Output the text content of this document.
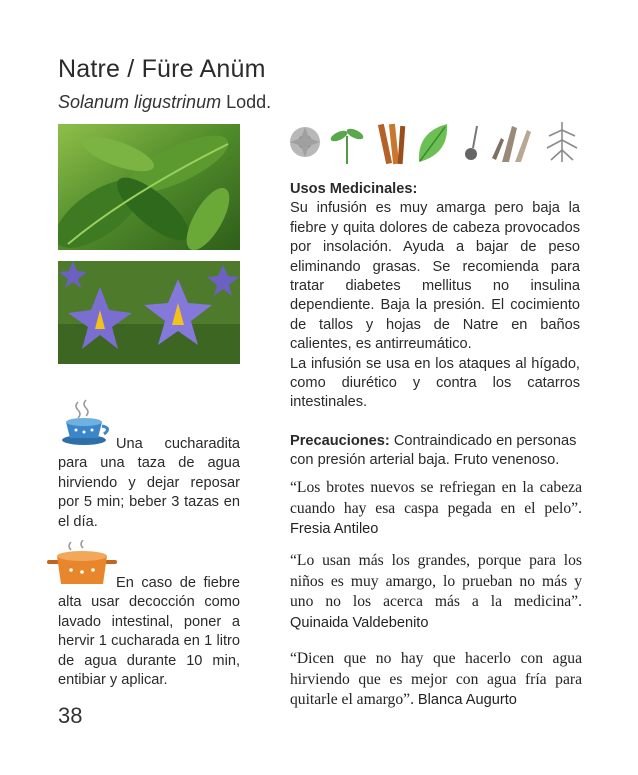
Natre / Füre Anüm
Solanum ligustrinum Lodd.
Usos Medicinales:
Su infusión es muy amarga pero baja la fiebre y quita dolores de cabeza provocados por insolación. Ayuda a bajar de peso eliminando grasas. Se recomienda para tratar diabetes mellitus no insulina dependiente. Baja la presión. El cocimiento de tallos y hojas de Natre en baños calientes, es antirreumático.
La infusión se usa en los ataques al hígado, como diurético y contra los catarros intestinales.
Precauciones: Contraindicado en personas con presión arterial baja. Fruto venenoso.
“Los brotes nuevos se refriegan en la cabeza cuando hay esa caspa pegada en el pelo”. Fresia Antileo
“Lo usan más los grandes, porque para los niños es muy amargo, lo prueban no más y uno no los acerca más a la medicina”. Quinaida Valdebenito
“Dicen que no hay que hacerlo con agua hirviendo que es mejor con agua fría para quitarle el amargo”. Blanca Augurto
Una cucharadita para una taza de agua hirviendo y dejar reposar por 5 min; beber 3 tazas en el día.
En caso de fiebre alta usar decocción como lavado intestinal, poner a hervir 1 cucharada en 1 litro de agua durante 10 min, entibiar y aplicar.
38
